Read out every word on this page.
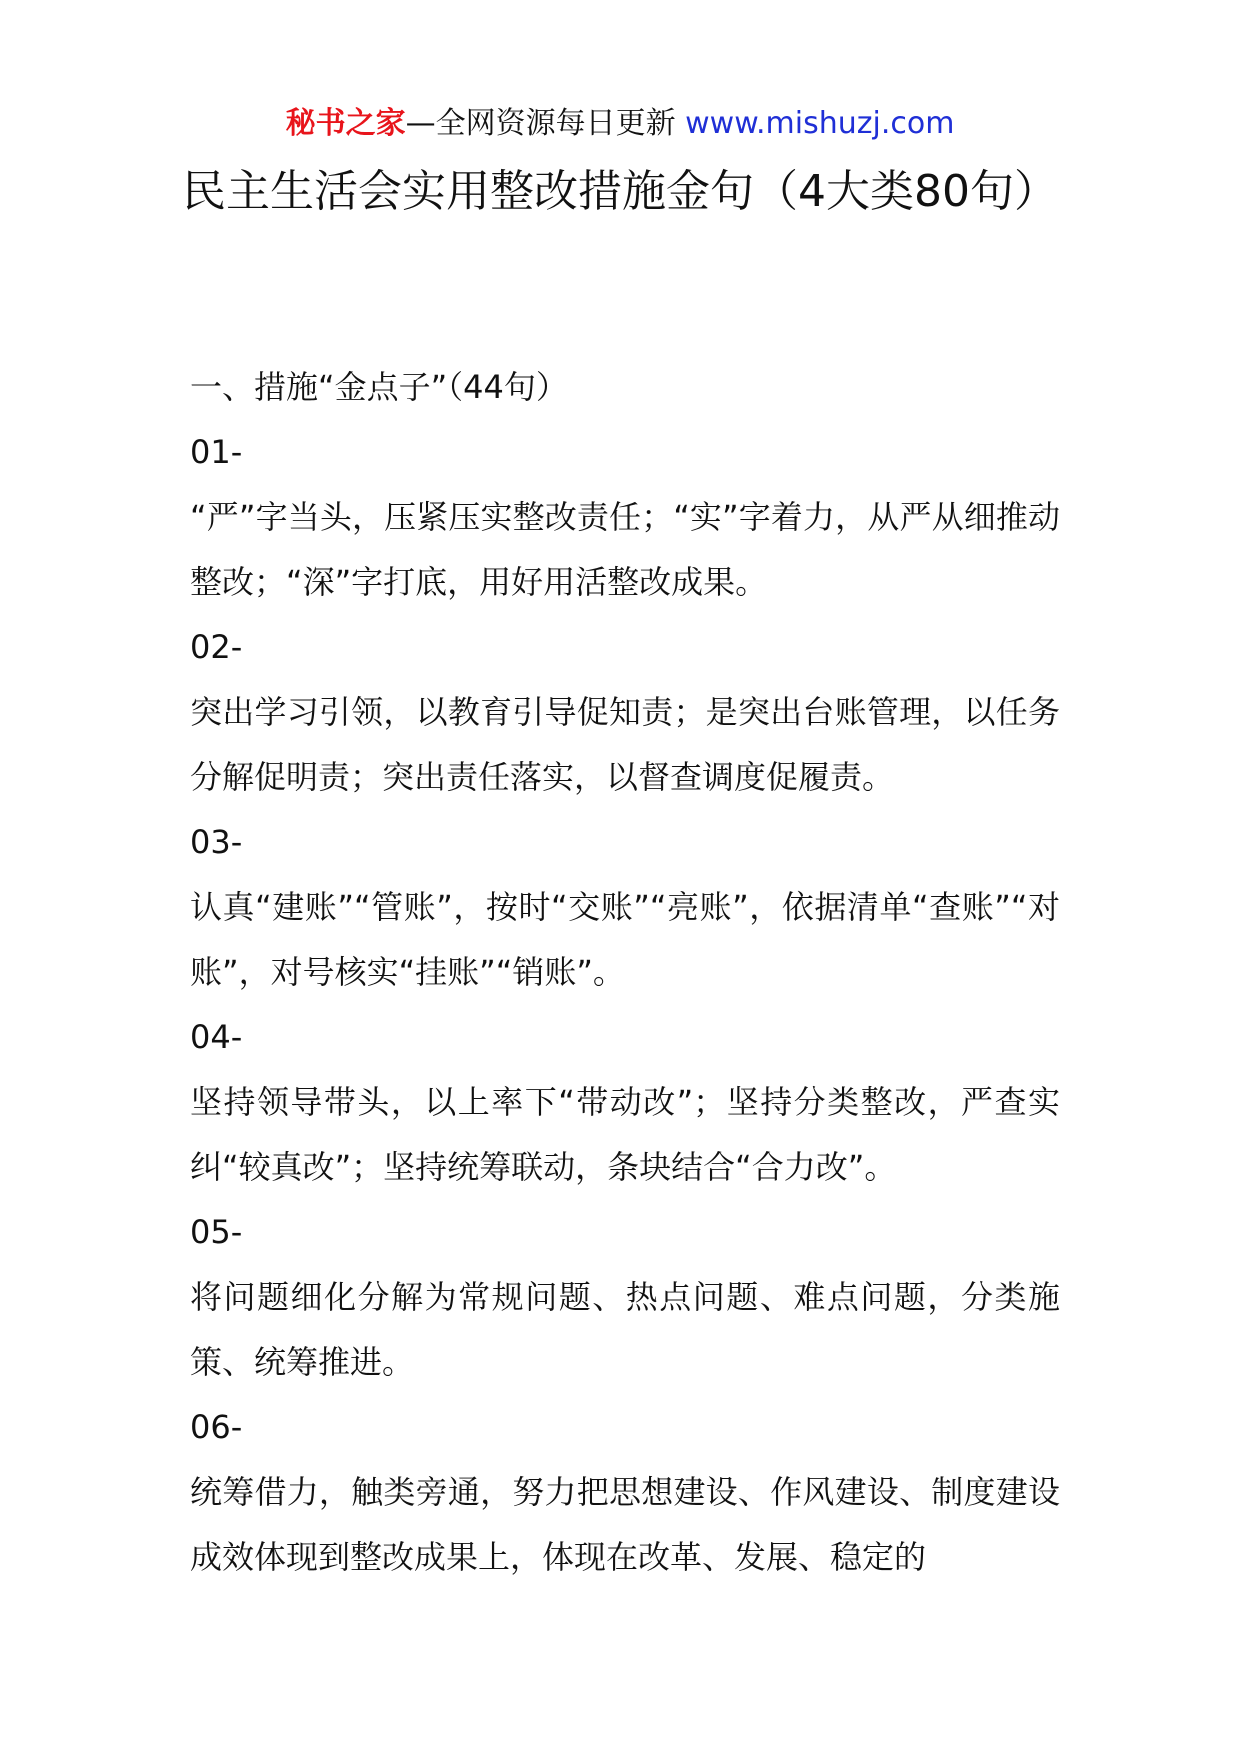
秘书之家—全网资源每日更新 www.mishuzj.com
民主生活会实用整改措施金句（4大类80句）
一、措施“金点子”（44句）
01-
“严”字当头，压紧压实整改责任；“实”字着力，从严从细推动整改；“深”字打底，用好用活整改成果。
02-
突出学习引领，以教育引导促知责；是突出台账管理，以任务分解促明责；突出责任落实，以督查调度促履责。
03-
认真“建账”“管账”，按时“交账”“亮账”，依据清单“查账”“对账”，对号核实“挂账”“销账”。
04-
坚持领导带头，以上率下“带动改”；坚持分类整改，严查实纠“较真改”；坚持统筹联动，条块结合“合力改”。
05-
将问题细化分解为常规问题、热点问题、难点问题，分类施策、统筹推进。
06-
统筹借力，触类旁通，努力把思想建设、作风建设、制度建设成效体现到整改成果上，体现在改革、发展、稳定的
